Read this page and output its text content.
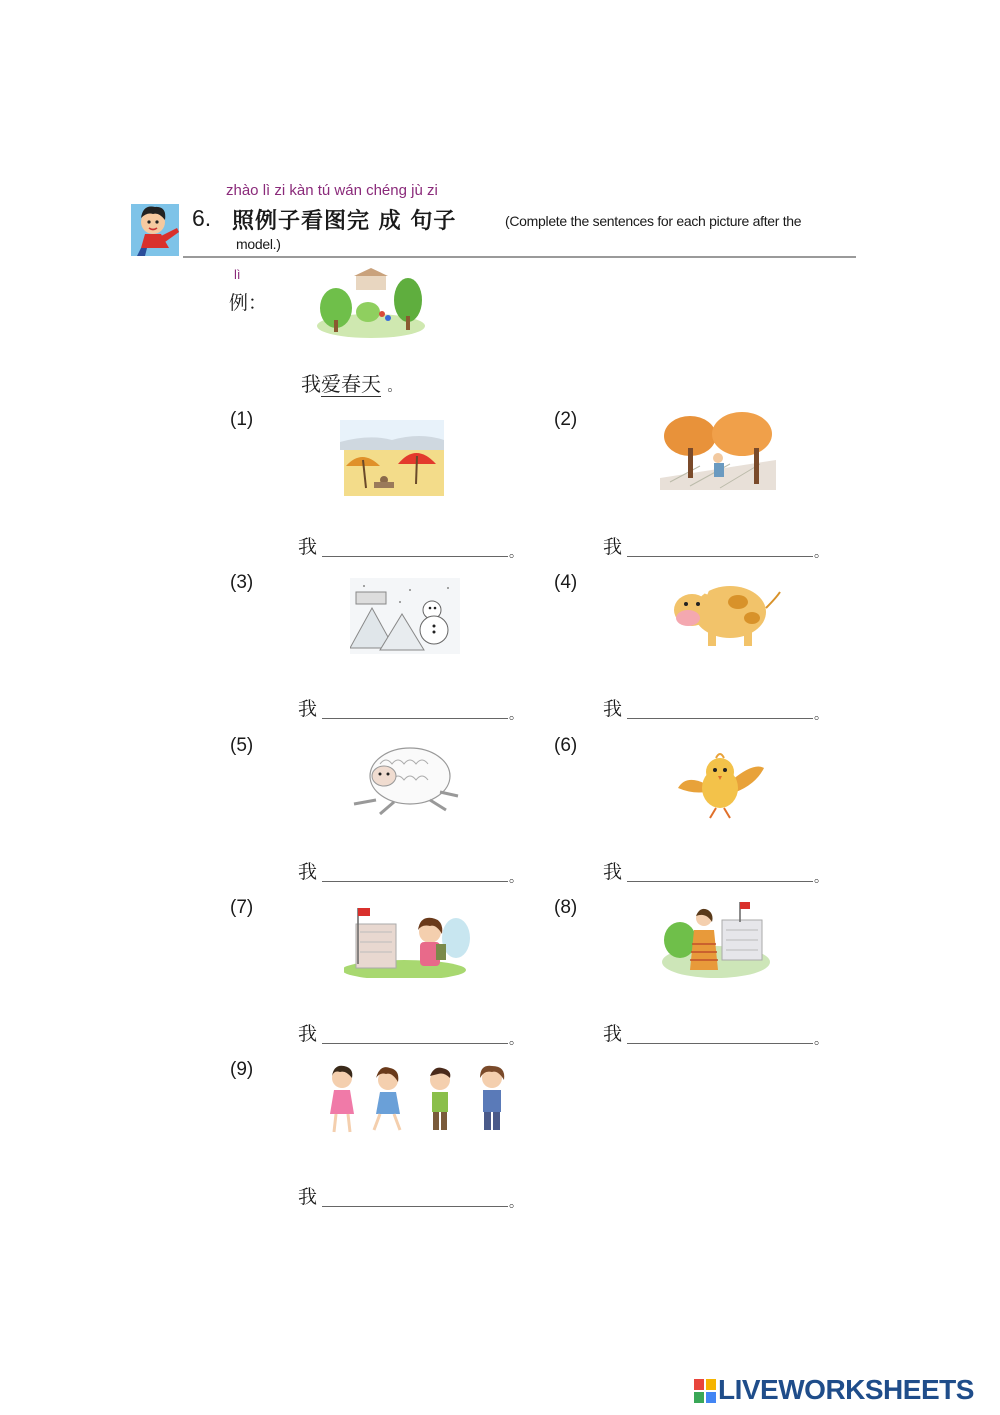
zhào lì zi kàn tú wán chéng jù zi
6. 照例子看图完 成 句子	(Complete the sentences for each picture after the
model.)
lì
例：
我爱春天 。
(1)
我	。
(2)
我	。
(3)
我	。
(4)
我	。
(5)
我	。
(6)
我	。
(7)
我	。
(8)
我	。
(9)
我	。
LIVEWORKSHEETS
